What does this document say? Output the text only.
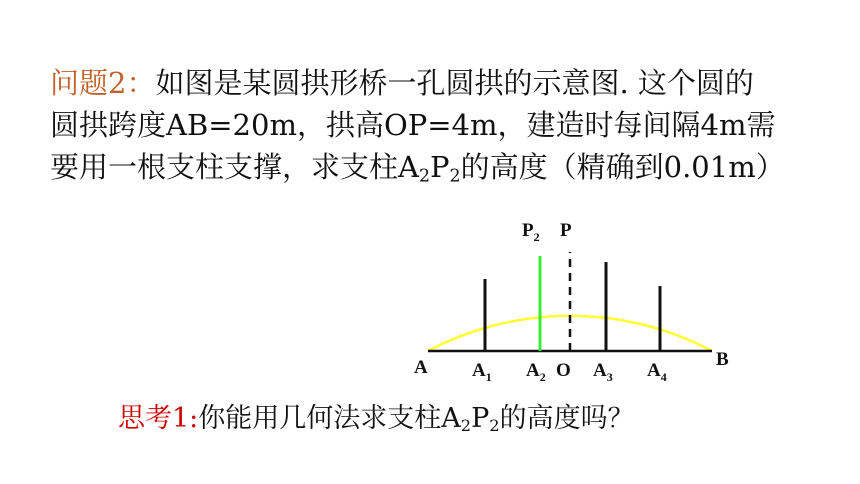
问题2：如图是某圆拱形桥一孔圆拱的示意图. 这个圆的
圆拱跨度AB=20m，拱高OP=4m，建造时每间隔4m需
要用一根支柱支撑，求支柱$A_2P_2$的高度（精确到0.01m）
$P_2$ P
A	B
$A_1$ $A_2$ O $A_3$ $A_4$
思考1:你能用几何法求支柱$A_2P_2$的高度吗？
